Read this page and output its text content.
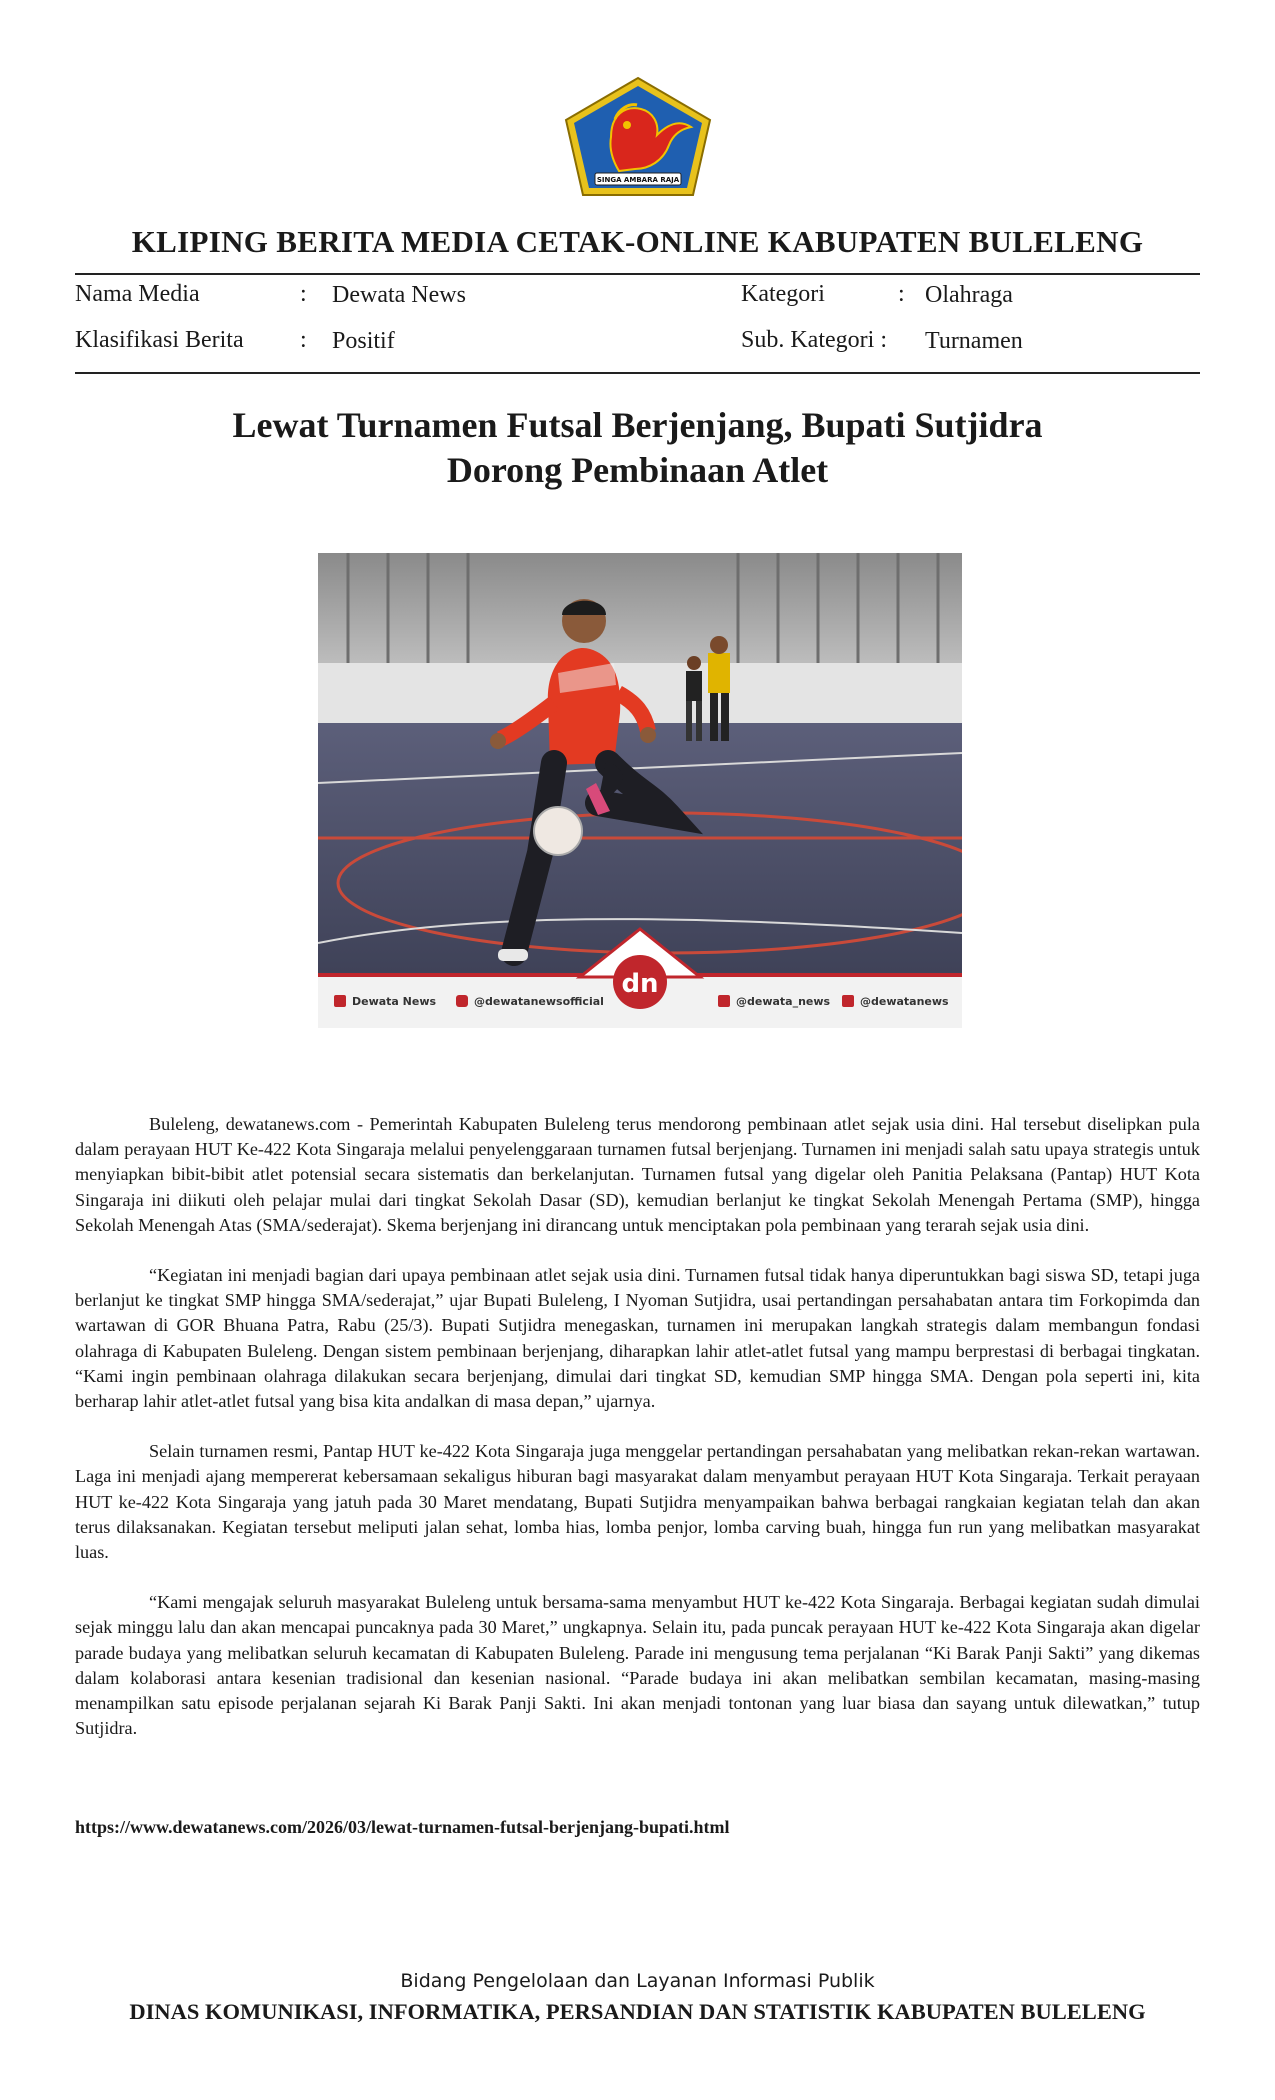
SINGA AMBARA RAJA
KLIPING BERITA MEDIA CETAK-ONLINE KABUPATEN BULELENG
Nama Media	: Dewata News	Kategori	: Olahraga
Klasifikasi Berita : Positif	Sub. Kategori : Turnamen
Lewat Turnamen Futsal Berjenjang, Bupati Sutjidra
Dorong Pembinaan Atlet
dn
Dewata News	@dewatanewsofficial	@dewata_news	@dewatanews

Buleleng, dewatanews.com - Pemerintah Kabupaten Buleleng terus mendorong pembinaan atlet sejak usia dini. Hal tersebut diselipkan pula dalam perayaan HUT Ke-422 Kota Singaraja melalui penyelenggaraan turnamen futsal berjenjang. Turnamen ini menjadi salah satu upaya strategis untuk menyiapkan bibit-bibit atlet potensial secara sistematis dan berkelanjutan. Turnamen futsal yang digelar oleh Panitia Pelaksana (Pantap) HUT Kota Singaraja ini diikuti oleh pelajar mulai dari tingkat Sekolah Dasar (SD), kemudian berlanjut ke tingkat Sekolah Menengah Pertama (SMP), hingga Sekolah Menengah Atas (SMA/sederajat). Skema berjenjang ini dirancang untuk menciptakan pola pembinaan yang terarah sejak usia dini.

“Kegiatan ini menjadi bagian dari upaya pembinaan atlet sejak usia dini. Turnamen futsal tidak hanya diperuntukkan bagi siswa SD, tetapi juga berlanjut ke tingkat SMP hingga SMA/sederajat,” ujar Bupati Buleleng, I Nyoman Sutjidra, usai pertandingan persahabatan antara tim Forkopimda dan wartawan di GOR Bhuana Patra, Rabu (25/3). Bupati Sutjidra menegaskan, turnamen ini merupakan langkah strategis dalam membangun fondasi olahraga di Kabupaten Buleleng. Dengan sistem pembinaan berjenjang, diharapkan lahir atlet-atlet futsal yang mampu berprestasi di berbagai tingkatan. “Kami ingin pembinaan olahraga dilakukan secara berjenjang, dimulai dari tingkat SD, kemudian SMP hingga SMA. Dengan pola seperti ini, kita berharap lahir atlet-atlet futsal yang bisa kita andalkan di masa depan,” ujarnya.

Selain turnamen resmi, Pantap HUT ke-422 Kota Singaraja juga menggelar pertandingan persahabatan yang melibatkan rekan-rekan wartawan. Laga ini menjadi ajang mempererat kebersamaan sekaligus hiburan bagi masyarakat dalam menyambut perayaan HUT Kota Singaraja. Terkait perayaan HUT ke-422 Kota Singaraja yang jatuh pada 30 Maret mendatang, Bupati Sutjidra menyampaikan bahwa berbagai rangkaian kegiatan telah dan akan terus dilaksanakan. Kegiatan tersebut meliputi jalan sehat, lomba hias, lomba penjor, lomba carving buah, hingga fun run yang melibatkan masyarakat luas.

“Kami mengajak seluruh masyarakat Buleleng untuk bersama-sama menyambut HUT ke-422 Kota Singaraja. Berbagai kegiatan sudah dimulai sejak minggu lalu dan akan mencapai puncaknya pada 30 Maret,” ungkapnya. Selain itu, pada puncak perayaan HUT ke-422 Kota Singaraja akan digelar parade budaya yang melibatkan seluruh kecamatan di Kabupaten Buleleng. Parade ini mengusung tema perjalanan “Ki Barak Panji Sakti” yang dikemas dalam kolaborasi antara kesenian tradisional dan kesenian nasional. “Parade budaya ini akan melibatkan sembilan kecamatan, masing-masing menampilkan satu episode perjalanan sejarah Ki Barak Panji Sakti. Ini akan menjadi tontonan yang luar biasa dan sayang untuk dilewatkan,” tutup Sutjidra.

https://www.dewatanews.com/2026/03/lewat-turnamen-futsal-berjenjang-bupati.html
Bidang Pengelolaan dan Layanan Informasi Publik
DINAS KOMUNIKASI, INFORMATIKA, PERSANDIAN DAN STATISTIK KABUPATEN BULELENG
